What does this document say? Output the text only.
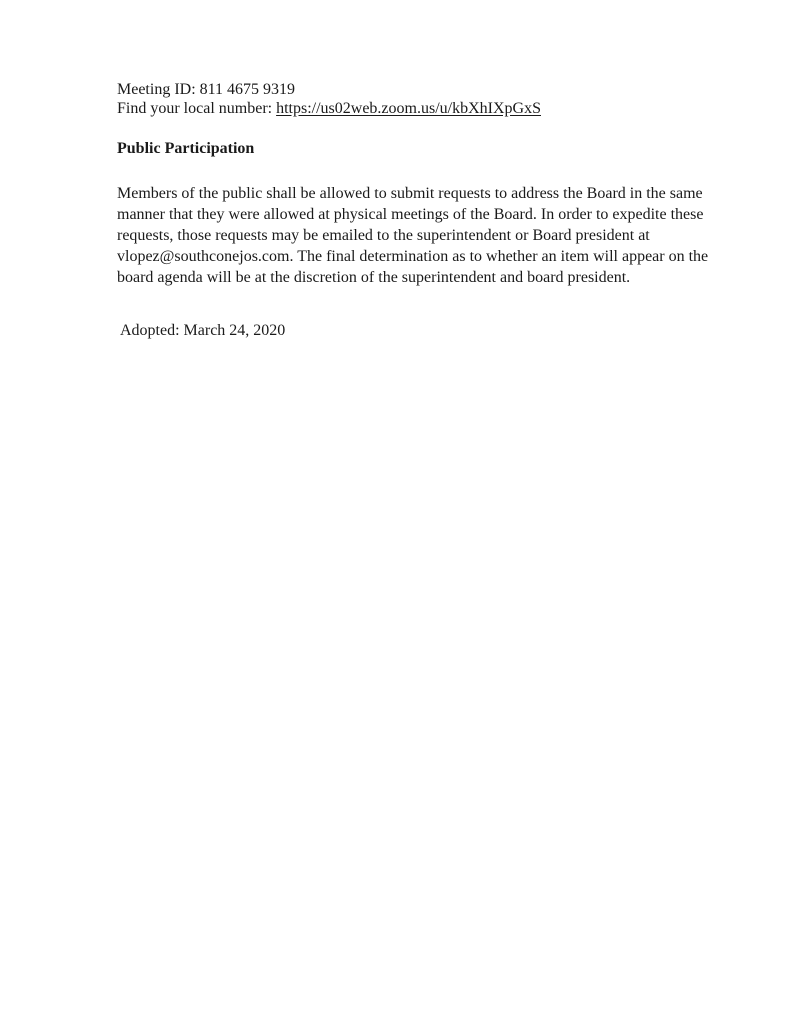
Meeting ID: 811 4675 9319
Find your local number: https://us02web.zoom.us/u/kbXhIXpGxS
Public Participation
Members of the public shall be allowed to submit requests to address the Board in the same
manner that they were allowed at physical meetings of the Board. In order to expedite these
requests, those requests may be emailed to the superintendent or Board president at
vlopez@southconejos.com. The final determination as to whether an item will appear on the
board agenda will be at the discretion of the superintendent and board president.
Adopted: March 24, 2020
